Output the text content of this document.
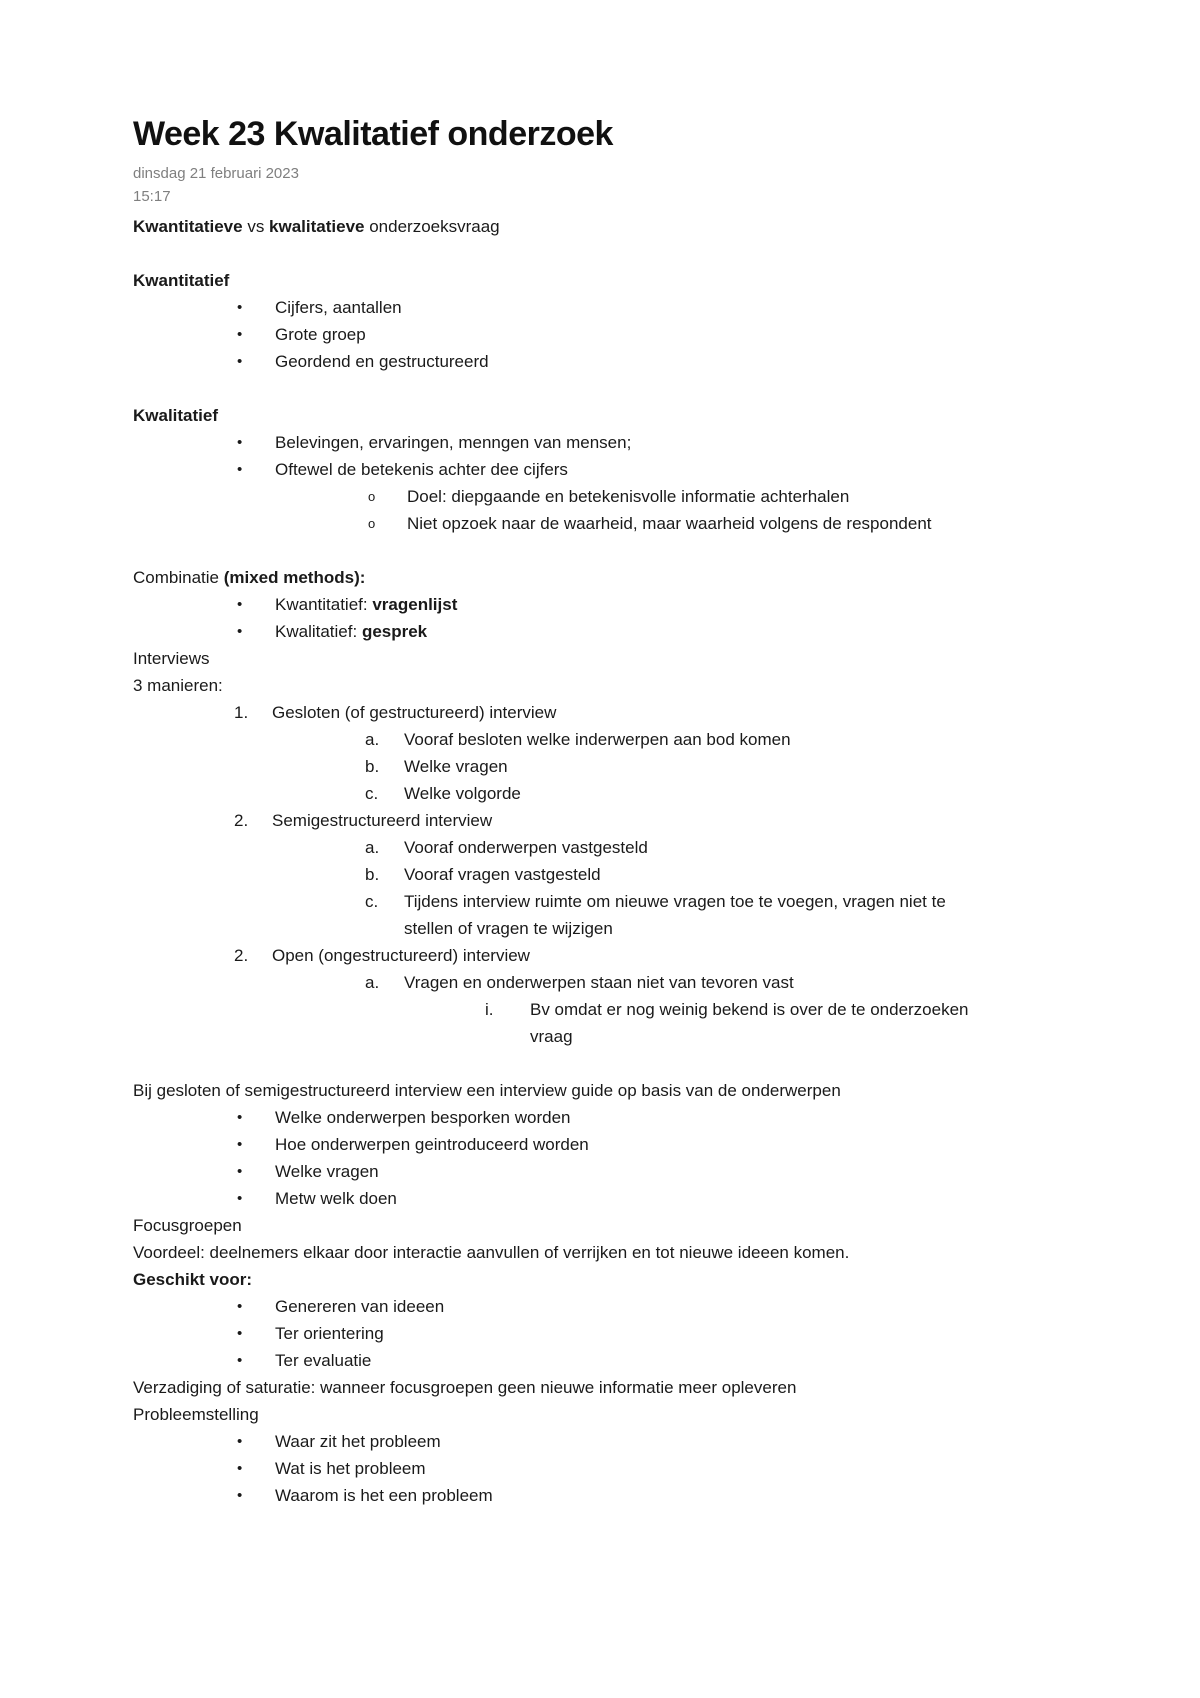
Week 23 Kwalitatief onderzoek
dinsdag 21 februari 2023
15:17
Kwantitatieve vs kwalitatieve onderzoeksvraag
Kwantitatief
•	Cijfers, aantallen
•	Grote groep
•	Geordend en gestructureerd
Kwalitatief
•	Belevingen, ervaringen, menngen van mensen;
•	Oftewel de betekenis achter dee cijfers
o	Doel: diepgaande en betekenisvolle informatie achterhalen
o	Niet opzoek naar de waarheid, maar waarheid volgens de respondent
Combinatie (mixed methods):
•	Kwantitatief: vragenlijst
•	Kwalitatief: gesprek
Interviews
3 manieren:
1.	Gesloten (of gestructureerd) interview
a.	Vooraf besloten welke inderwerpen aan bod komen
b.	Welke vragen
c.	Welke volgorde
2.	Semigestructureerd interview
a.	Vooraf onderwerpen vastgesteld
b.	Vooraf vragen vastgesteld
c.	Tijdens interview ruimte om nieuwe vragen toe te voegen, vragen niet te stellen of vragen te wijzigen
2.	Open (ongestructureerd) interview
a.	Vragen en onderwerpen staan niet van tevoren vast
i.	Bv omdat er nog weinig bekend is over de te onderzoeken vraag
Bij gesloten of semigestructureerd interview een interview guide op basis van de onderwerpen
•	Welke onderwerpen besporken worden
•	Hoe onderwerpen geintroduceerd worden
•	Welke vragen
•	Metw welk doen
Focusgroepen
Voordeel: deelnemers elkaar door interactie aanvullen of verrijken en tot nieuwe ideeen komen.
Geschikt voor:
•	Genereren van ideeen
•	Ter orientering
•	Ter evaluatie
Verzadiging of saturatie: wanneer focusgroepen geen nieuwe informatie meer opleveren
Probleemstelling
•	Waar zit het probleem
•	Wat is het probleem
•	Waarom is het een probleem
